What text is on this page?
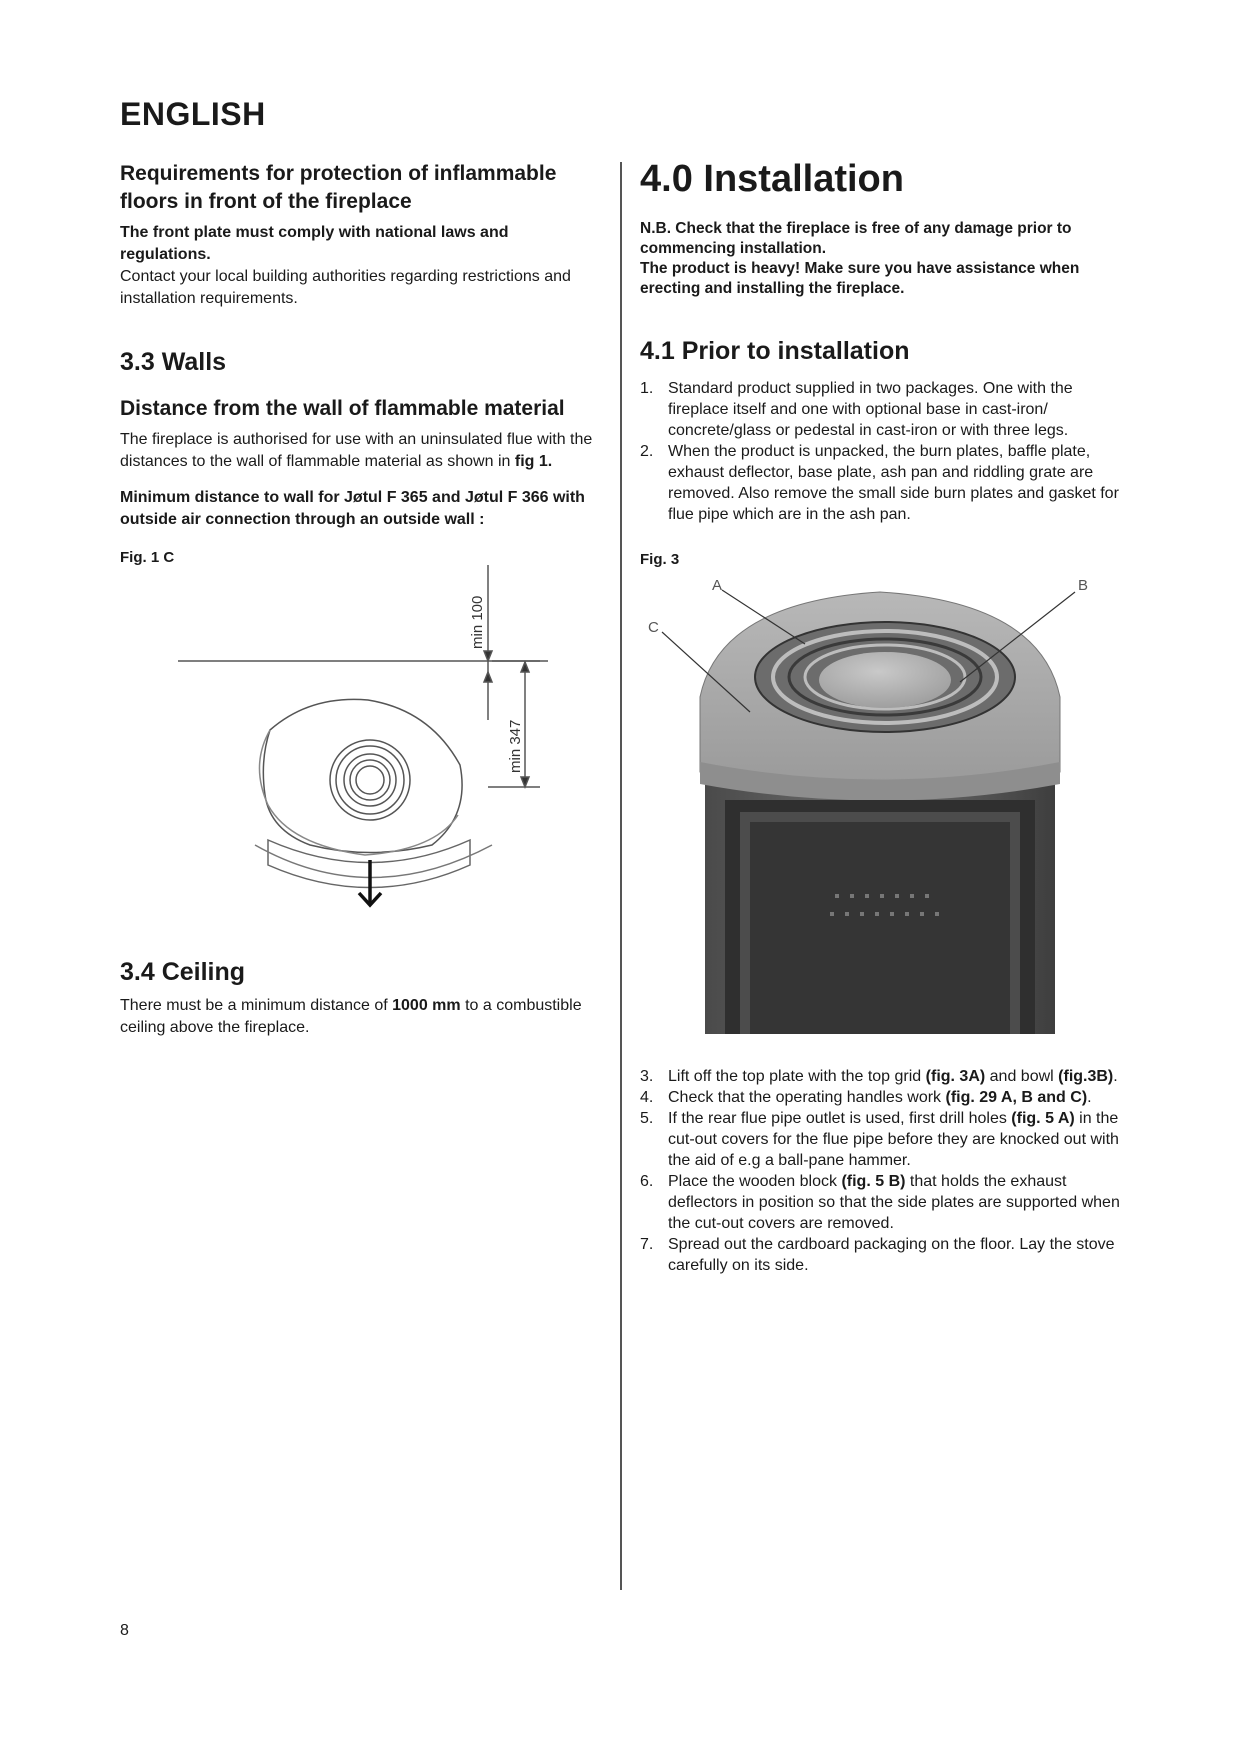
ENGLISH
Requirements for protection of inflammable floors in front of the fireplace

The front plate must comply with national laws and regulations.

Contact your local building authorities regarding restrictions and installation requirements.

3.3 Walls
Distance from the wall of flammable material

The fireplace is authorised for use with an uninsulated flue with the distances to the wall of flammable material as shown in fig 1.

Minimum distance to wall for Jøtul F 365 and Jøtul F 366 with outside air connection through an outside wall :

Fig. 1 C
min 100
min 347
3.4 Ceiling

There must be a minimum distance of 1000 mm to a combustible ceiling above the fireplace.

4.0 Installation

N.B. Check that the fireplace is free of any damage prior to commencing installation.

The product is heavy! Make sure you have assistance when erecting and installing the fireplace.

4.1 Prior to installation
1. Standard product supplied in two packages. One with the fireplace itself and one with optional base in cast-iron/ concrete/glass or pedestal in cast-iron or with three legs.
2. When the product is unpacked, the burn plates, baffle plate, exhaust deflector, base plate, ash pan and riddling grate are removed. Also remove the small side burn plates and gasket for flue pipe which are in the ash pan.
Fig. 3
A	B
C
3. Lift off the top plate with the top grid (fig. 3A) and bowl (fig.3B).
4. Check that the operating handles work (fig. 29 A, B and C).
5. If the rear flue pipe outlet is used, first drill holes (fig. 5 A) in the cut-out covers for the flue pipe before they are knocked out with the aid of e.g a ball-pane hammer.
6. Place the wooden block (fig. 5 B) that holds the exhaust deflectors in position so that the side plates are supported when the cut-out covers are removed.
7. Spread out the cardboard packaging on the floor. Lay the stove carefully on its side.
8
